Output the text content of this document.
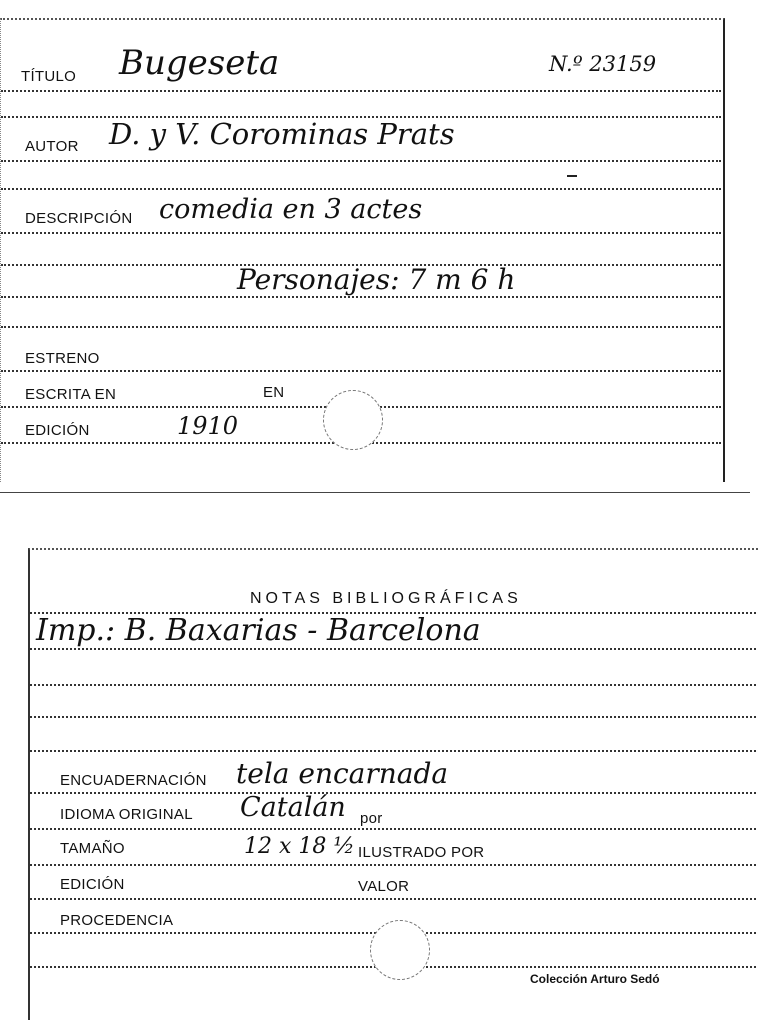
TÍTULO Bugeseta	N.º 23159
AUTOR D. y V. Corominas Prats
DESCRIPCIÓN comedia en 3 actes
Personajes: 7 m 6 h
ESTRENO
ESCRITA EN	EN
EDICIÓN	1910
NOTAS BIBLIOGRÁFICAS
Imp.: B. Baxarias - Barcelona
ENCUADERNACIÓN tela encarnada
IDIOMA ORIGINAL Catalán por
TAMAÑO	12 x 18 ½ ILUSTRADO POR
EDICIÓN	VALOR
PROCEDENCIA
Colección Arturo Sedó
